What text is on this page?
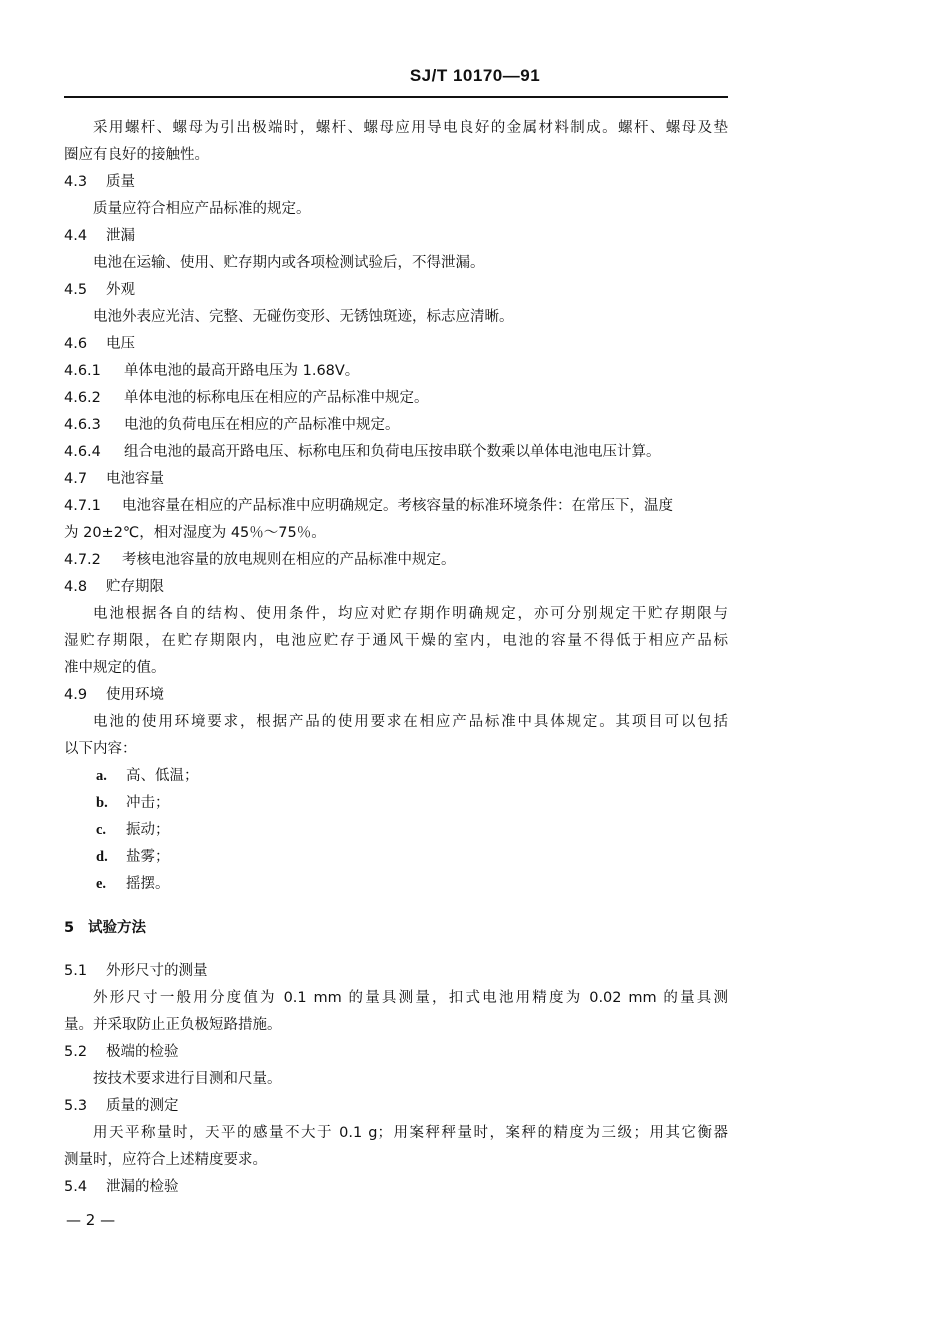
SJ/T 10170—91
采用螺杆、螺母为引出极端时，螺杆、螺母应用导电良好的金属材料制成。螺杆、螺母及垫
圈应有良好的接触性。
4.3 质量
质量应符合相应产品标准的规定。
4.4 泄漏
电池在运输、使用、贮存期内或各项检测试验后，不得泄漏。
4.5 外观
电池外表应光洁、完整、无碰伤变形、无锈蚀斑迹，标志应清晰。
4.6 电压
4.6.1 单体电池的最高开路电压为 1.68V。
4.6.2 单体电池的标称电压在相应的产品标准中规定。
4.6.3 电池的负荷电压在相应的产品标准中规定。
4.6.4 组合电池的最高开路电压、标称电压和负荷电压按串联个数乘以单体电池电压计算。
4.7 电池容量
4.7.1 电池容量在相应的产品标准中应明确规定。考核容量的标准环境条件：在常压下，温度
为 20±2℃，相对湿度为 45％～75％。
4.7.2 考核电池容量的放电规则在相应的产品标准中规定。
4.8 贮存期限
电池根据各自的结构、使用条件，均应对贮存期作明确规定，亦可分别规定干贮存期限与
湿贮存期限，在贮存期限内，电池应贮存于通风干燥的室内，电池的容量不得低于相应产品标
准中规定的值。
4.9 使用环境
电池的使用环境要求，根据产品的使用要求在相应产品标准中具体规定。其项目可以包括
以下内容：
a. 高、低温；
b. 冲击；
c. 振动；
d. 盐雾；
e. 摇摆。
5 试验方法
5.1 外形尺寸的测量
外形尺寸一般用分度值为 0.1 mm 的量具测量，扣式电池用精度为 0.02 mm 的量具测
量。并采取防止正负极短路措施。
5.2 极端的检验
按技术要求进行目测和尺量。
5.3 质量的测定
用天平称量时，天平的感量不大于 0.1 g；用案秤秤量时，案秤的精度为三级；用其它衡器
测量时，应符合上述精度要求。
5.4 泄漏的检验
— 2 —
